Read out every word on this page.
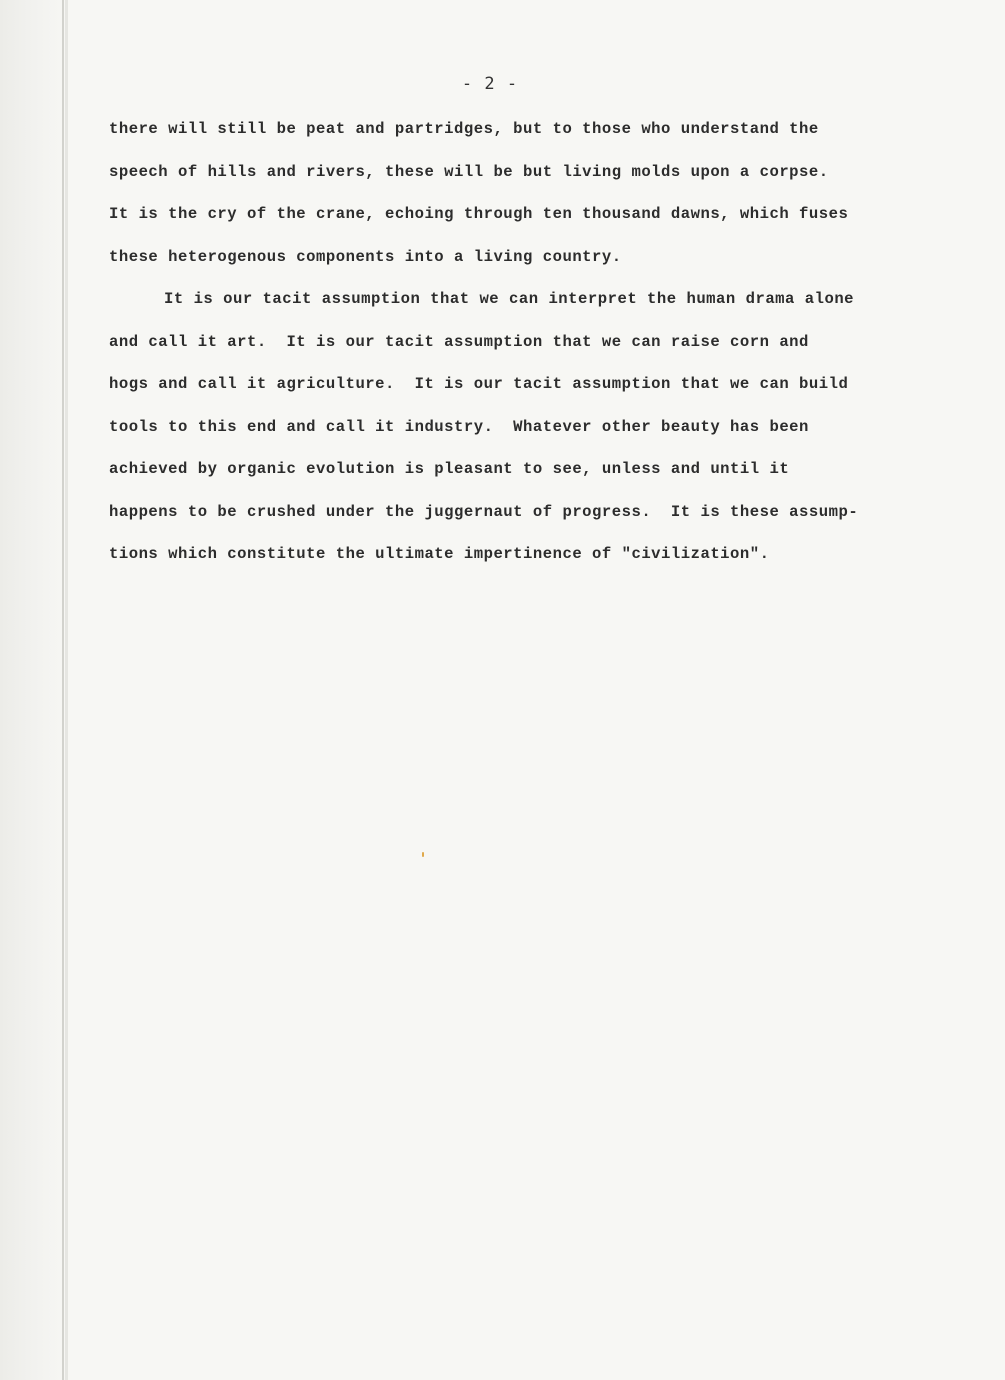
- 2 -
there will still be peat and partridges, but to those who understand the
speech of hills and rivers, these will be but living molds upon a corpse.
It is the cry of the crane, echoing through ten thousand dawns, which fuses
these heterogenous components into a living country.
It is our tacit assumption that we can interpret the human drama alone
and call it art.  It is our tacit assumption that we can raise corn and
hogs and call it agriculture.  It is our tacit assumption that we can build
tools to this end and call it industry.  Whatever other beauty has been
achieved by organic evolution is pleasant to see, unless and until it
happens to be crushed under the juggernaut of progress.  It is these assump-
tions which constitute the ultimate impertinence of "civilization".
